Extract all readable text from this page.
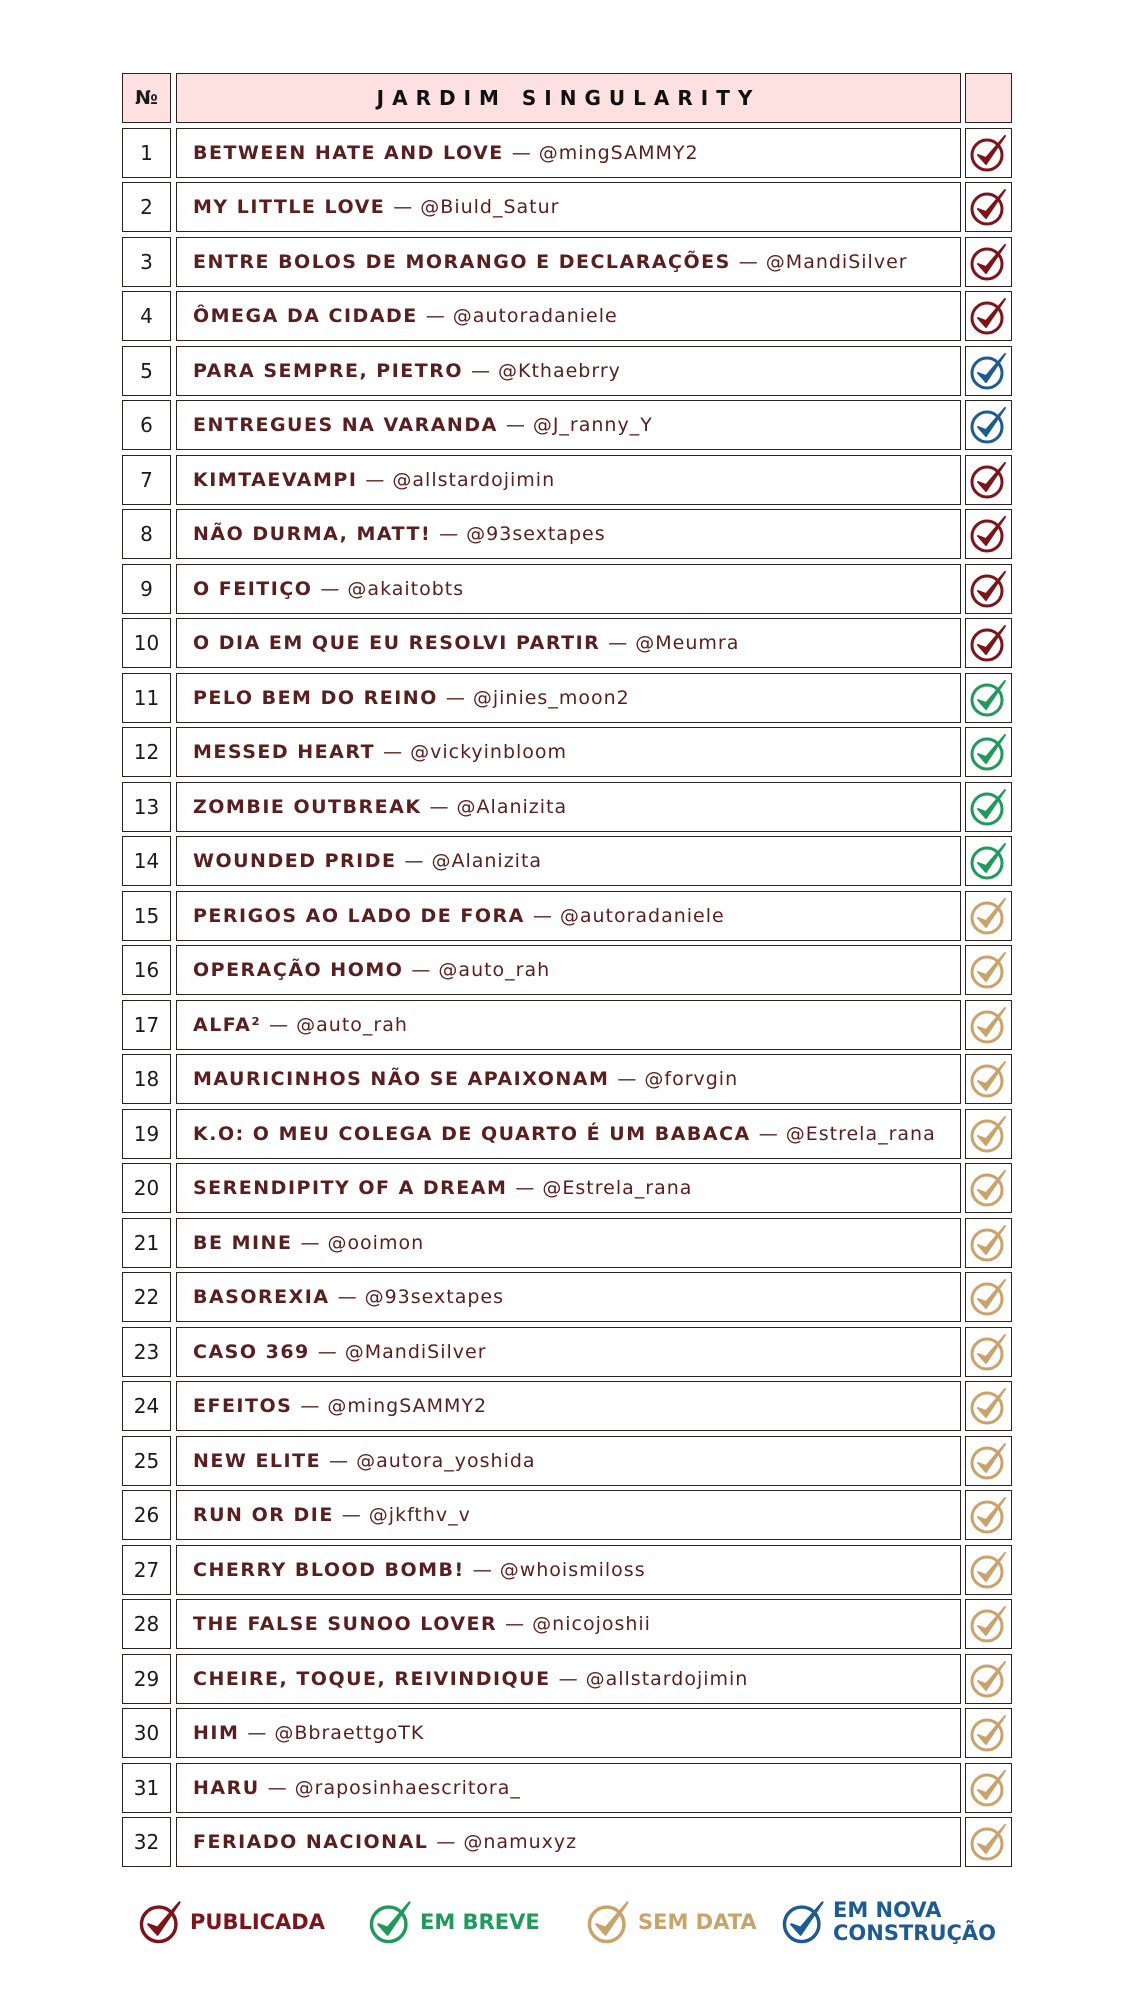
№	JARDIM SINGULARITY
1	BETWEEN HATE AND LOVE — @mingSAMMY2
2	MY LITTLE LOVE — @Biuld_Satur
3	ENTRE BOLOS DE MORANGO E DECLARAÇÕES — @MandiSilver
4	ÔMEGA DA CIDADE — @autoradaniele
5	PARA SEMPRE, PIETRO — @Kthaebrry
6	ENTREGUES NA VARANDA — @J_ranny_Y
7	KIMTAEVAMPI — @allstardojimin
8	NÃO DURMA, MATT! — @93sextapes
9	O FEITIÇO — @akaitobts
10	O DIA EM QUE EU RESOLVI PARTIR — @Meumra
11	PELO BEM DO REINO — @jinies_moon2
12	MESSED HEART — @vickyinbloom
13	ZOMBIE OUTBREAK — @Alanizita
14	WOUNDED PRIDE — @Alanizita
15	PERIGOS AO LADO DE FORA — @autoradaniele
16	OPERAÇÃO HOMO — @auto_rah
17	ALFA² — @auto_rah
18	MAURICINHOS NÃO SE APAIXONAM — @forvgin
19	K.O: O MEU COLEGA DE QUARTO É UM BABACA — @Estrela_rana
20	SERENDIPITY OF A DREAM — @Estrela_rana
21	BE MINE — @ooimon
22	BASOREXIA — @93sextapes
23	CASO 369 — @MandiSilver
24	EFEITOS — @mingSAMMY2
25	NEW ELITE — @autora_yoshida
26	RUN OR DIE — @jkfthv_v
27	CHERRY BLOOD BOMB! — @whoismiloss
28	THE FALSE SUNOO LOVER — @nicojoshii
29	CHEIRE, TOQUE, REIVINDIQUE — @allstardojimin
30	HIM — @BbraettgoTK
31	HARU — @raposinhaescritora_
32	FERIADO NACIONAL — @namuxyz
PUBLICADA	EM BREVE	SEM DATA	EM NOVA
CONSTRUÇÃO
